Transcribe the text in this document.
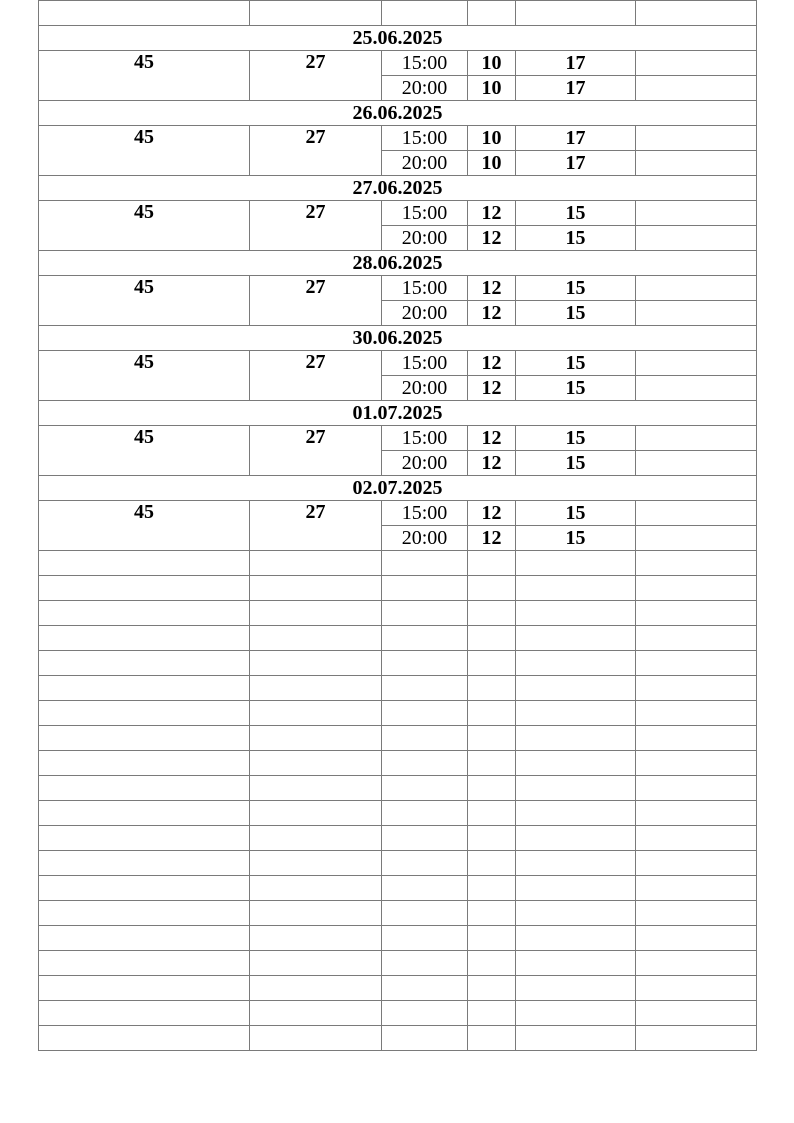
25.06.2025					
45	27	15:00	10	17	
		20:00	10	17	
26.06.2025					
45	27	15:00	10	17	
		20:00	10	17	
27.06.2025					
45	27	15:00	12	15	
		20:00	12	15	
28.06.2025					
45	27	15:00	12	15	
		20:00	12	15	
30.06.2025					
45	27	15:00	12	15	
		20:00	12	15	
01.07.2025					
45	27	15:00	12	15	
		20:00	12	15	
02.07.2025					
45	27	15:00	12	15	
		20:00	12	15	
